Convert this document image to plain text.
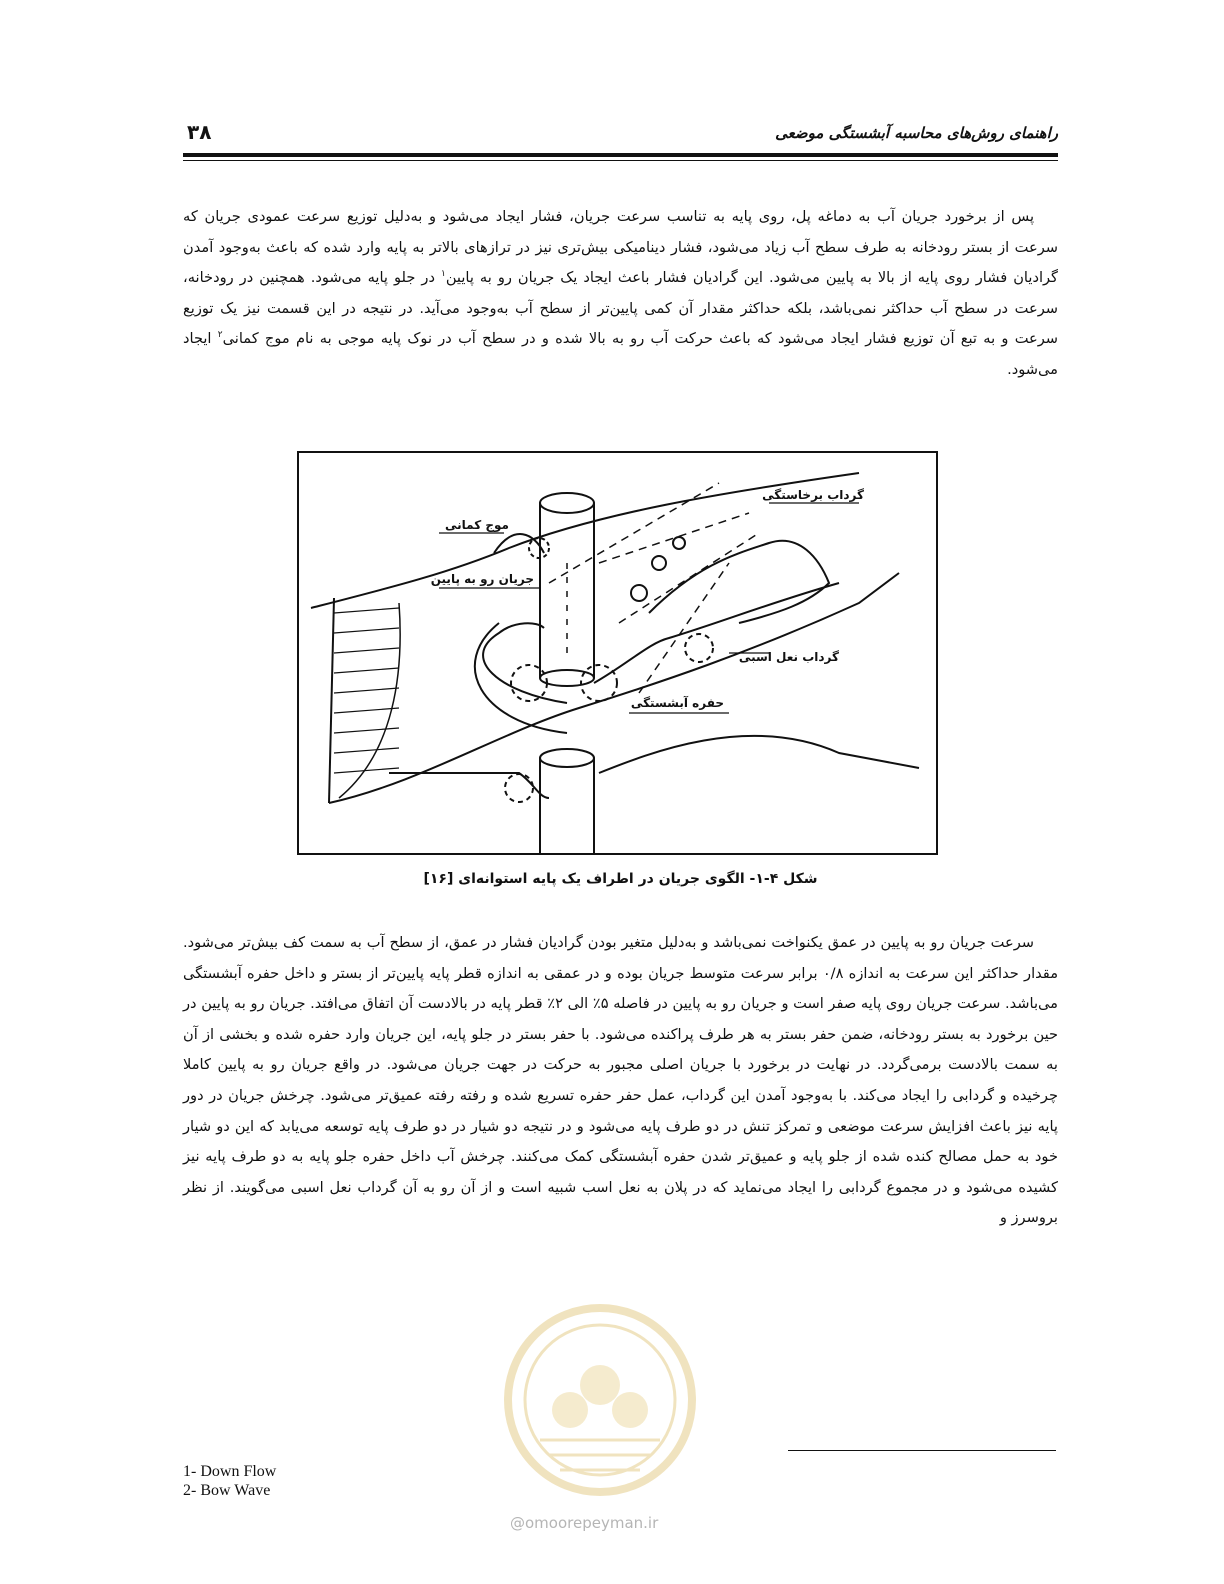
۳۸	راهنمای روش‌های محاسبه آبشستگی موضعی
پس از برخورد جریان آب به دماغه پل، روی پایه به تناسب سرعت جریان، فشار ایجاد می‌شود و به‌دلیل توزیع سرعت عمودی جریان که سرعت از بستر رودخانه به طرف سطح آب زیاد می‌شود، فشار دینامیکی بیش‌تری نیز در ترازهای بالاتر به پایه وارد شده که باعث به‌وجود آمدن گرادیان فشار روی پایه از بالا به پایین می‌شود. این گرادیان فشار باعث ایجاد یک جریان رو به پایین$^۱$ در جلو پایه می‌شود. همچنین در رودخانه، سرعت در سطح آب حداکثر نمی‌باشد، بلکه حداکثر مقدار آن کمی پایین‌تر از سطح آب به‌وجود می‌آید. در نتیجه در این قسمت نیز یک توزیع سرعت و به تبع آن توزیع فشار ایجاد می‌شود که باعث حرکت آب رو به بالا شده و در سطح آب در نوک پایه موجی به نام موج کمانی$^۲$ ایجاد می‌شود.
موج کمانی
جریان رو به پایین
گرداب برخاستگی
گرداب نعل اسبی
حفره آبشستگی
شکل ۴-۱- الگوی جریان در اطراف یک پایه استوانه‌ای [۱۶]
سرعت جریان رو به پایین در عمق یکنواخت نمی‌باشد و به‌دلیل متغیر بودن گرادیان فشار در عمق، از سطح آب به سمت کف بیش‌تر می‌شود. مقدار حداکثر این سرعت به اندازه ۰/۸ برابر سرعت متوسط جریان بوده و در عمقی به اندازه قطر پایه پایین‌تر از بستر و داخل حفره آبشستگی می‌باشد. سرعت جریان روی پایه صفر است و جریان رو به پایین در فاصله ۵٪ الی ۲٪ قطر پایه در بالادست آن اتفاق می‌افتد. جریان رو به پایین در حین برخورد به بستر رودخانه، ضمن حفر بستر به هر طرف پراکنده می‌شود. با حفر بستر در جلو پایه، این جریان وارد حفره شده و بخشی از آن به سمت بالادست برمی‌گردد. در نهایت در برخورد با جریان اصلی مجبور به حرکت در جهت جریان می‌شود. در واقع جریان رو به پایین کاملا چرخیده و گردابی را ایجاد می‌کند. با به‌وجود آمدن این گرداب، عمل حفر حفره تسریع شده و رفته رفته عمیق‌تر می‌شود. چرخش جریان در دور پایه نیز باعث افزایش سرعت موضعی و تمرکز تنش در دو طرف پایه می‌شود و در نتیجه دو شیار در دو طرف پایه توسعه می‌یابد که این دو شیار خود به حمل مصالح کنده شده از جلو پایه و عمیق‌تر شدن حفره آبشستگی کمک می‌کنند. چرخش آب داخل حفره جلو پایه به دو طرف پایه نیز کشیده می‌شود و در مجموع گردابی را ایجاد می‌نماید که در پلان به نعل اسب شبیه است و از آن رو به آن گرداب نعل اسبی می‌گویند. از نظر بروسرز و
@omoorepeyman.ir
1- Down Flow
2- Bow Wave
